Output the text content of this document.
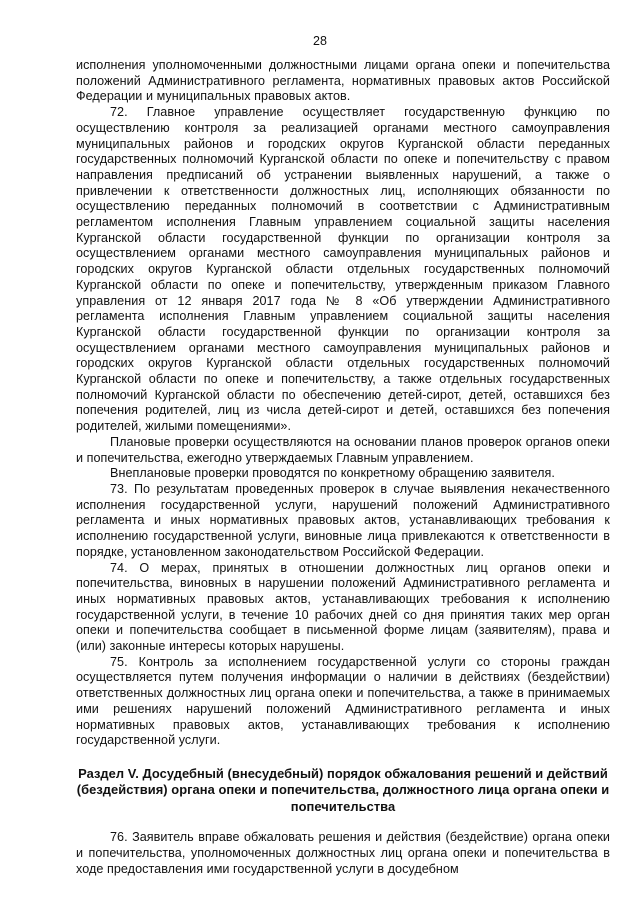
28

исполнения уполномоченными должностными лицами органа опеки и попечительства положений Административного регламента, нормативных правовых актов Российской Федерации и муниципальных правовых актов.

72. Главное управление осуществляет государственную функцию по осуществлению контроля за реализацией органами местного самоуправления муниципальных районов и городских округов Курганской области переданных государственных полномочий Курганской области по опеке и попечительству с правом направления предписаний об устранении выявленных нарушений, а также о привлечении к ответственности должностных лиц, исполняющих обязанности по осуществлению переданных полномочий в соответствии с Административным регламентом исполнения Главным управлением социальной защиты населения Курганской области государственной функции по организации контроля за осуществлением органами местного самоуправления муниципальных районов и городских округов Курганской области отдельных государственных полномочий Курганской области по опеке и попечительству, утвержденным приказом Главного управления от 12 января 2017 года № 8 «Об утверждении Административного регламента исполнения Главным управлением социальной защиты населения Курганской области государственной функции по организации контроля за осуществлением органами местного самоуправления муниципальных районов и городских округов Курганской области отдельных государственных полномочий Курганской области по опеке и попечительству, а также отдельных государственных полномочий Курганской области по обеспечению детей-сирот, детей, оставшихся без попечения родителей, лиц из числа детей-сирот и детей, оставшихся без попечения родителей, жилыми помещениями».

Плановые проверки осуществляются на основании планов проверок органов опеки и попечительства, ежегодно утверждаемых Главным управлением.

Внеплановые проверки проводятся по конкретному обращению заявителя.

73. По результатам проведенных проверок в случае выявления некачественного исполнения государственной услуги, нарушений положений Административного регламента и иных нормативных правовых актов, устанавливающих требования к исполнению государственной услуги, виновные лица привлекаются к ответственности в порядке, установленном законодательством Российской Федерации.

74. О мерах, принятых в отношении должностных лиц органов опеки и попечительства, виновных в нарушении положений Административного регламента и иных нормативных правовых актов, устанавливающих требования к исполнению государственной услуги, в течение 10 рабочих дней со дня принятия таких мер орган опеки и попечительства сообщает в письменной форме лицам (заявителям), права и (или) законные интересы которых нарушены.

75. Контроль за исполнением государственной услуги со стороны граждан осуществляется путем получения информации о наличии в действиях (бездействии) ответственных должностных лиц органа опеки и попечительства, а также в принимаемых ими решениях нарушений положений Административного регламента и иных нормативных правовых актов, устанавливающих требования к исполнению государственной услуги.

Раздел V. Досудебный (внесудебный) порядок обжалования решений и действий (бездействия) органа опеки и попечительства, должностного лица органа опеки и попечительства

76. Заявитель вправе обжаловать решения и действия (бездействие) органа опеки и попечительства, уполномоченных должностных лиц органа опеки и попечительства в ходе предоставления ими государственной услуги в досудебном
